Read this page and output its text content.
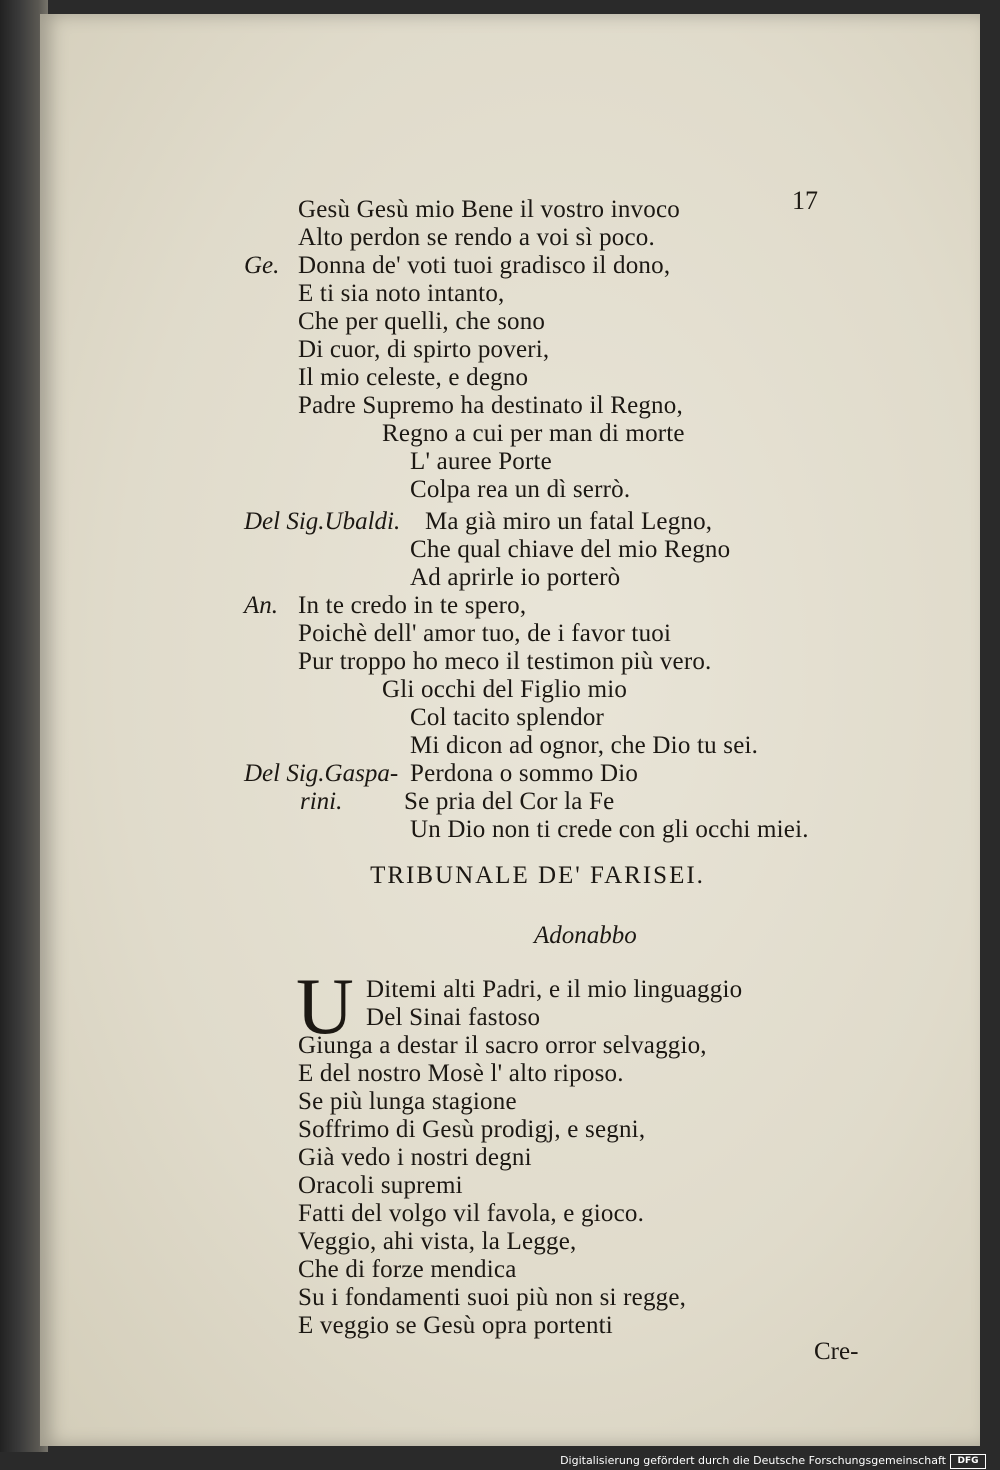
17
Gesù Gesù mio Bene il vostro invoco
Alto perdon se rendo a voi sì poco.
Ge. Donna de' voti tuoi gradisco il dono,
E ti sia noto intanto,
Che per quelli, che sono
Di cuor, di spirto poveri,
Il mio celeste, e degno
Padre Supremo ha destinato il Regno,
Regno a cui per man di morte
L' auree Porte
Colpa rea un dì serrò.
Del Sig.Ubaldi. Ma già miro un fatal Legno,
Che qual chiave del mio Regno
Ad aprirle io porterò
An. In te credo in te spero,
Poichè dell' amor tuo, de i favor tuoi
Pur troppo ho meco il testimon più vero.
Gli occhi del Figlio mio
Col tacito splendor
Mi dicon ad ognor, che Dio tu sei.
Del Sig.Gaspa- Perdona o sommo Dio
rini. Se pria del Cor la Fe
Un Dio non ti crede con gli occhi miei.
TRIBUNALE DE' FARISEI.
Adonabbo
U Ditemi alti Padri, e il mio linguaggio
Del Sinai fastoso
Giunga a destar il sacro orror selvaggio,
E del nostro Mosè l' alto riposo.
Se più lunga stagione
Soffrimo di Gesù prodigj, e segni,
Già vedo i nostri degni
Oracoli supremi
Fatti del volgo vil favola, e gioco.
Veggio, ahi vista, la Legge,
Che di forze mendica
Su i fondamenti suoi più non si regge,
E veggio se Gesù opra portenti
Cre-
Digitalisierung gefördert durch die Deutsche Forschungsgemeinschaft	DFG
